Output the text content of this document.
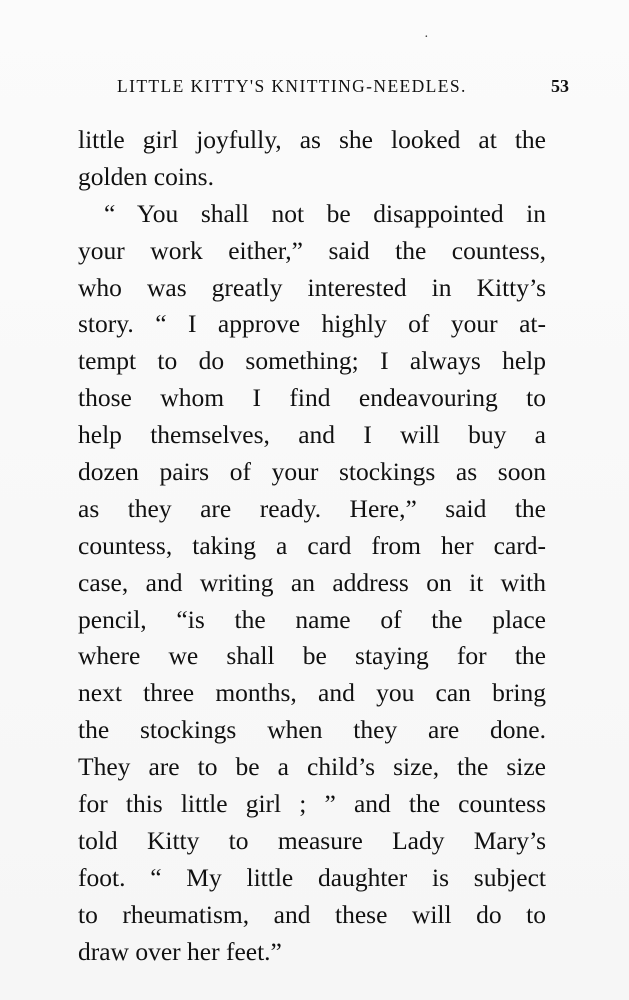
·
LITTLE KITTY'S KNITTING-NEEDLES.	53
little girl joyfully, as she looked at the
golden coins.
“ You shall not be disappointed in
your work either,” said the countess,
who was greatly interested in Kitty’s
story. “ I approve highly of your at-
tempt to do something; I always help
those whom I find endeavouring to
help themselves, and I will buy a
dozen pairs of your stockings as soon
as they are ready. Here,” said the
countess, taking a card from her card-
case, and writing an address on it with
pencil, “is the name of the place
where we shall be staying for the
next three months, and you can bring
the stockings when they are done.
They are to be a child’s size, the size
for this little girl ; ” and the countess
told Kitty to measure Lady Mary’s
foot. “ My little daughter is subject
to rheumatism, and these will do to
draw over her feet.”
